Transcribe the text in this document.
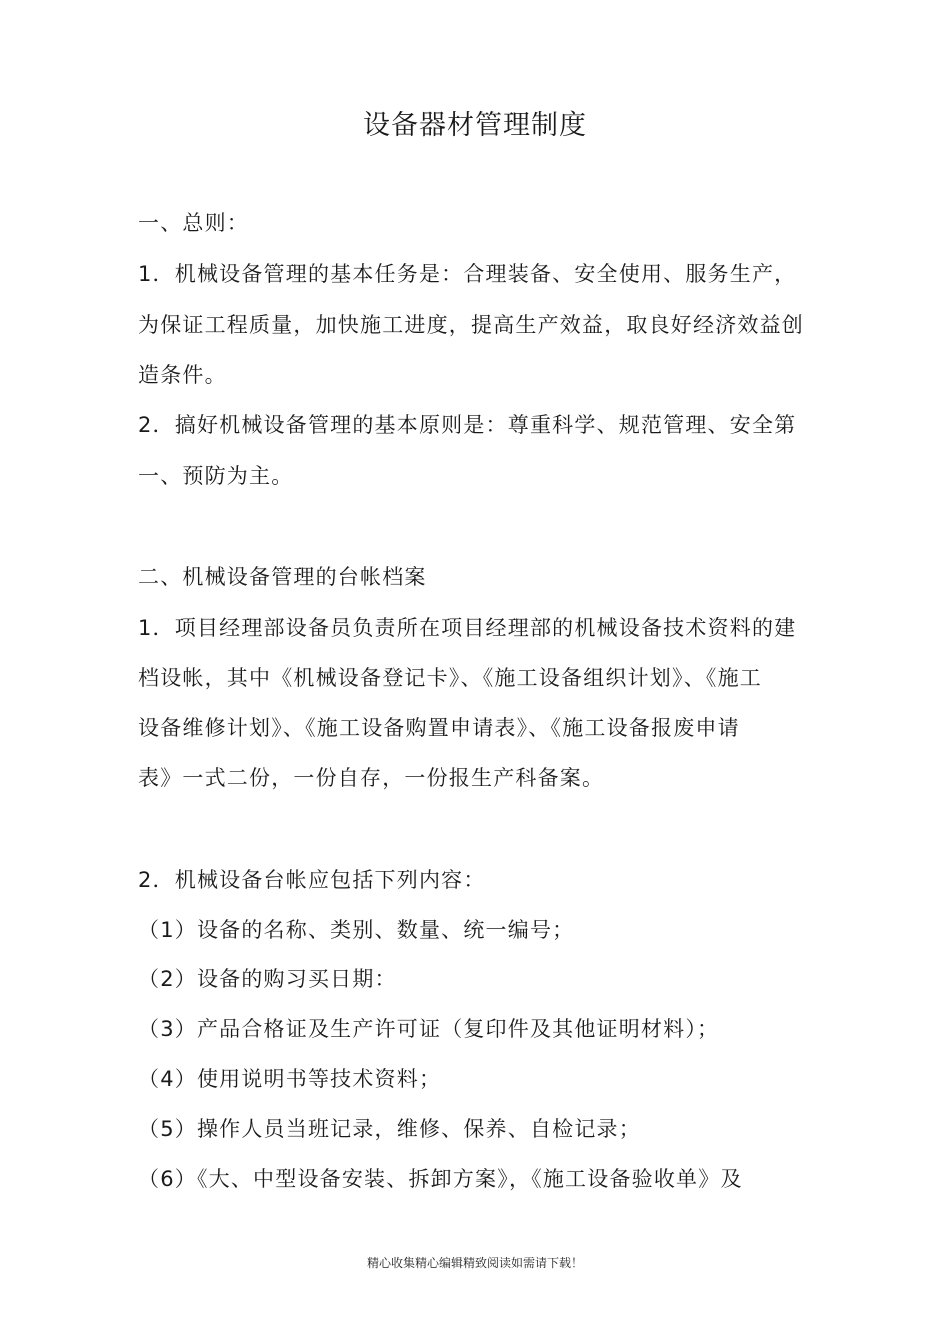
设备器材管理制度
一、总则：
1．机械设备管理的基本任务是：合理装备、安全使用、服务生产，
为保证工程质量，加快施工进度，提高生产效益，取良好经济效益创
造条件。
2．搞好机械设备管理的基本原则是：尊重科学、规范管理、安全第
一、预防为主。
二、机械设备管理的台帐档案
1．项目经理部设备员负责所在项目经理部的机械设备技术资料的建
档设帐，其中《机械设备登记卡》、《施工设备组织计划》、《施工
设备维修计划》、《施工设备购置申请表》、《施工设备报废申请
表》一式二份，一份自存，一份报生产科备案。
2．机械设备台帐应包括下列内容：
（1）设备的名称、类别、数量、统一编号；
（2）设备的购习买日期：
（3）产品合格证及生产许可证（复印件及其他证明材料）；
（4）使用说明书等技术资料；
（5）操作人员当班记录，维修、保养、自检记录；
（6）《大、中型设备安装、拆卸方案》，《施工设备验收单》及
精心收集精心编辑精致阅读如需请下载！
